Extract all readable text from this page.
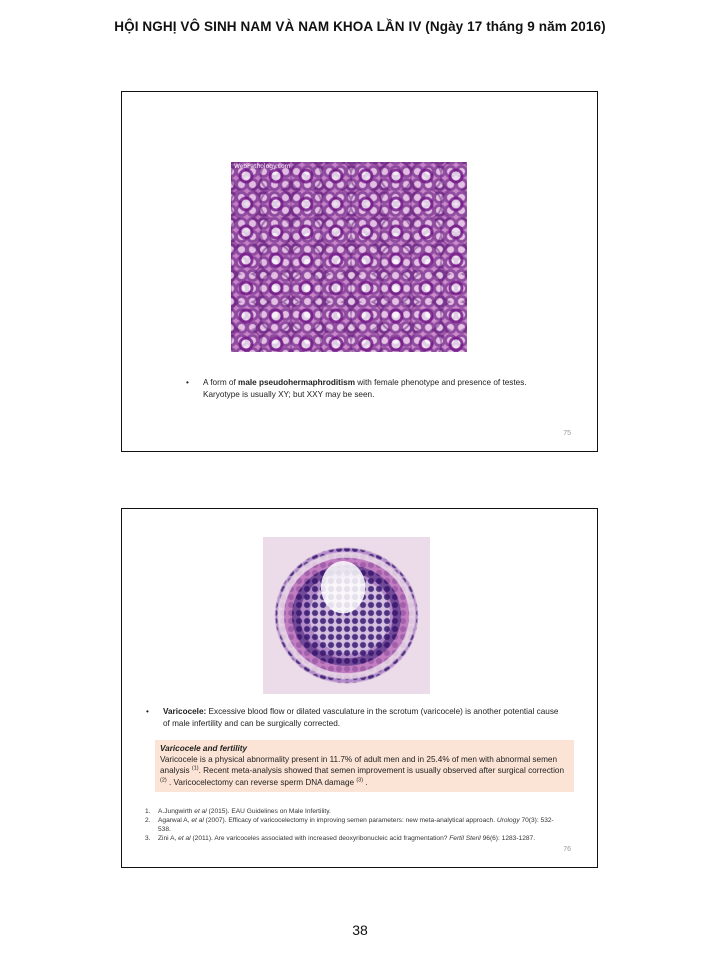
HỘI NGHỊ VÔ SINH NAM VÀ NAM KHOA LẦN IV (Ngày 17 tháng 9 năm 2016)
WebPathology.com
•	A form of male pseudohermaphroditism with female phenotype and presence of testes. Karyotype is usually XY; but XXY may be seen.
75
•	Varicocele: Excessive blood flow or dilated vasculature in the scrotum (varicocele) is another potential cause of male infertility and can be surgically corrected.
Varicocele and fertility
Varicocele is a physical abnormality present in 11.7% of adult men and in 25.4% of men with abnormal semen analysis $^{(1)}$. Recent meta-analysis showed that semen improvement is usually observed after surgical correction $^{(2)}$ . Varicocelectomy can reverse sperm DNA damage $^{(3)}$ .
1.	A.Jungwirth et al (2015). EAU Guidelines on Male Infertility.
2.	Agarwal A, et al (2007). Efficacy of varicocelectomy in improving semen parameters: new meta-analytical approach. Urology 70(3): 532-538.
3.	Zini A, et al (2011). Are varicoceles associated with increased deoxyribonucleic acid fragmentation? Fertil Steril 96(6): 1283-1287.
76
38
